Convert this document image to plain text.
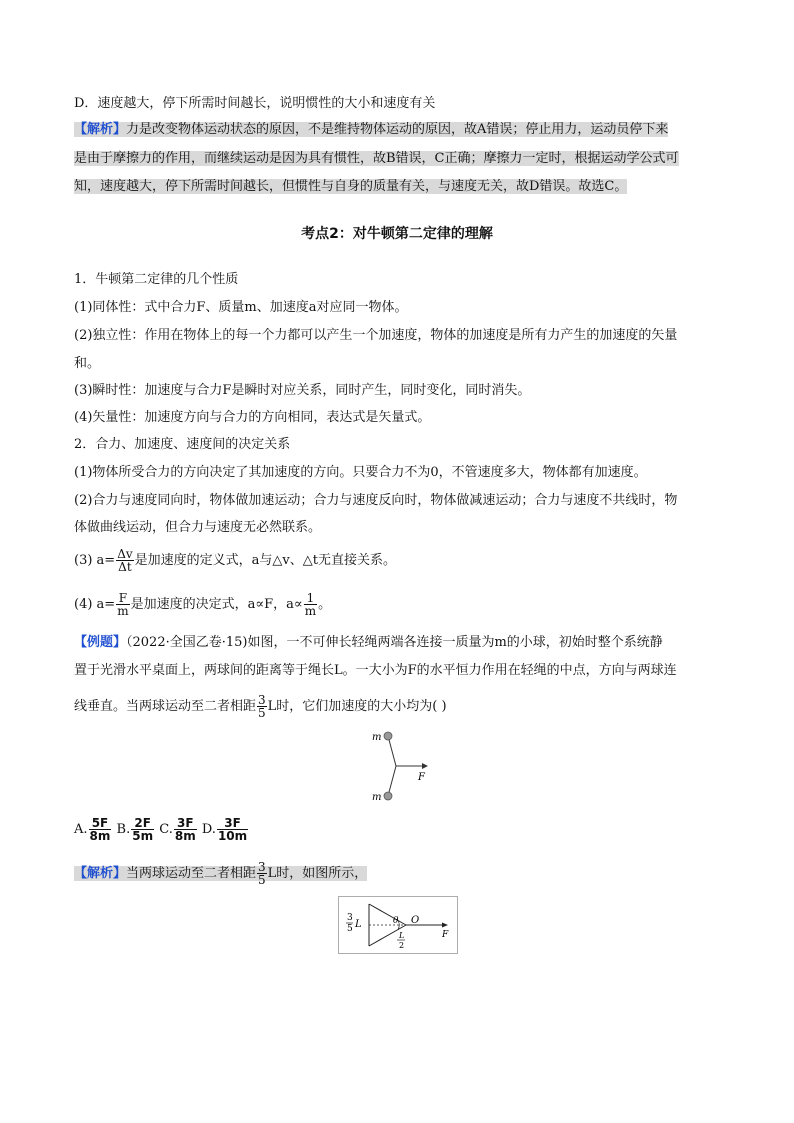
D．速度越大，停下所需时间越长，说明惯性的大小和速度有关
【解析】力是改变物体运动状态的原因，不是维持物体运动的原因，故A错误；停止用力，运动员停下来
是由于摩擦力的作用，而继续运动是因为具有惯性，故B错误，C正确；摩擦力一定时，根据运动学公式可
知，速度越大，停下所需时间越长，但惯性与自身的质量有关，与速度无关，故D错误。故选C。
考点2：对牛顿第二定律的理解
1．牛顿第二定律的几个性质
(1)同体性：式中合力F、质量m、加速度a对应同一物体。
(2)独立性：作用在物体上的每一个力都可以产生一个加速度，物体的加速度是所有力产生的加速度的矢量
和。
(3)瞬时性：加速度与合力F是瞬时对应关系，同时产生，同时变化，同时消失。
(4)矢量性：加速度方向与合力的方向相同，表达式是矢量式。
2．合力、加速度、速度间的决定关系
(1)物体所受合力的方向决定了其加速度的方向。只要合力不为0，不管速度多大，物体都有加速度。
(2)合力与速度同向时，物体做加速运动；合力与速度反向时，物体做减速运动；合力与速度不共线时，物
体做曲线运动，但合力与速度无必然联系。
(3) $a= \frac{\Delta v}{\Delta t}$ 是加速度的定义式，a与△v、△t无直接关系。
(4) $a= \frac{F}{m}$ 是加速度的决定式，a∝F，$a\propto \frac{1}{m}$ 。
【例题】（2022·全国乙卷·15)如图，一不可伸长轻绳两端各连接一质量为m的小球，初始时整个系统静
置于光滑水平桌面上，两球间的距离等于绳长L。一大小为F的水平恒力作用在轻绳的中点，方向与两球连
线垂直。当两球运动至二者相距 $\frac{3}{5}$ L时，它们加速度的大小均为( )
m
m
F
A. $\frac{5F}{8m} B$. $\frac{2F}{5m} C$. $\frac{3F}{8m} D$. $\frac{3F}{10m}$
【解析】当两球运动至二者相距 $\frac{3}{5}$ L时，如图所示，
3
5 L	θ O
L
2
F
